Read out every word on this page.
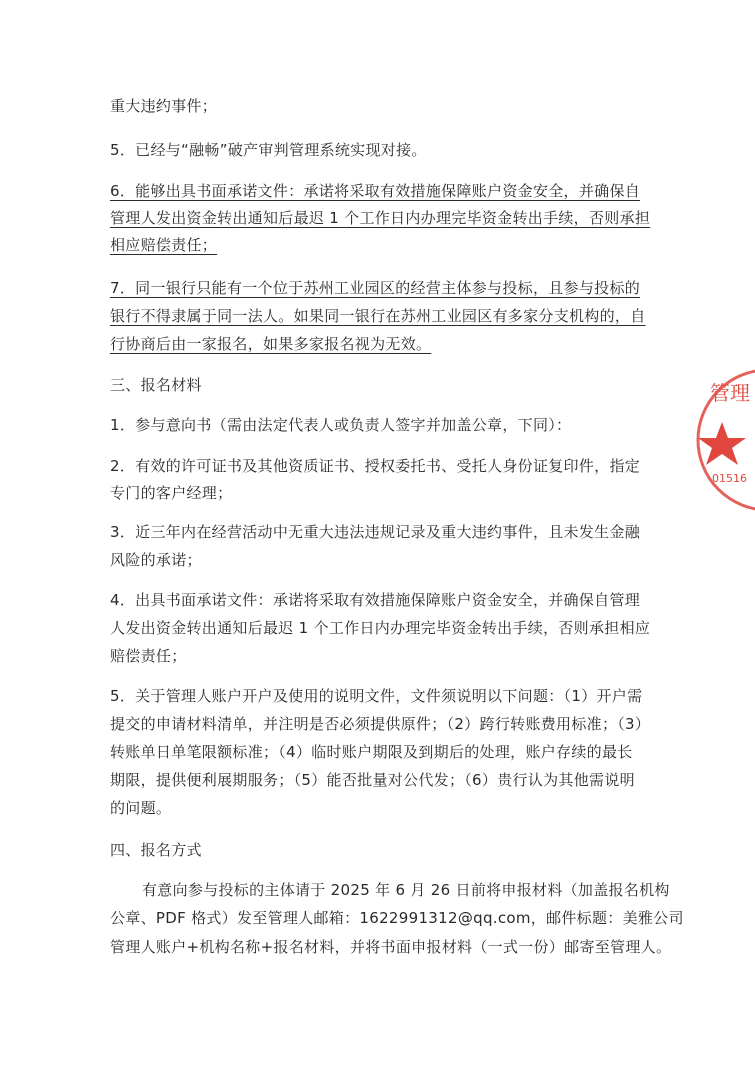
重大违约事件；
5．已经与“融畅”破产审判管理系统实现对接。
6．能够出具书面承诺文件：承诺将采取有效措施保障账户资金安全，并确保自
管理人发出资金转出通知后最迟 1 个工作日内办理完毕资金转出手续，否则承担
相应赔偿责任；
7．同一银行只能有一个位于苏州工业园区的经营主体参与投标，且参与投标的
银行不得隶属于同一法人。如果同一银行在苏州工业园区有多家分支机构的，自
行协商后由一家报名，如果多家报名视为无效。
三、报名材料
1．参与意向书（需由法定代表人或负责人签字并加盖公章，下同）：
2．有效的许可证书及其他资质证书、授权委托书、受托人身份证复印件，指定
专门的客户经理；
3．近三年内在经营活动中无重大违法违规记录及重大违约事件，且未发生金融
风险的承诺；
4．出具书面承诺文件：承诺将采取有效措施保障账户资金安全，并确保自管理
人发出资金转出通知后最迟 1 个工作日内办理完毕资金转出手续，否则承担相应
赔偿责任；
5．关于管理人账户开户及使用的说明文件，文件须说明以下问题：（1）开户需
提交的申请材料清单，并注明是否必须提供原件；（2）跨行转账费用标准；（3）
转账单日单笔限额标准；（4）临时账户期限及到期后的处理，账户存续的最长
期限，提供便利展期服务；（5）能否批量对公代发；（6）贵行认为其他需说明
的问题。
四、报名方式
有意向参与投标的主体请于 2025 年 6 月 26 日前将申报材料（加盖报名机构
公章、PDF 格式）发至管理人邮箱：1622991312@qq.com，邮件标题：美雅公司
管理人账户+机构名称+报名材料，并将书面申报材料（一式一份）邮寄至管理人。
管理
01516
